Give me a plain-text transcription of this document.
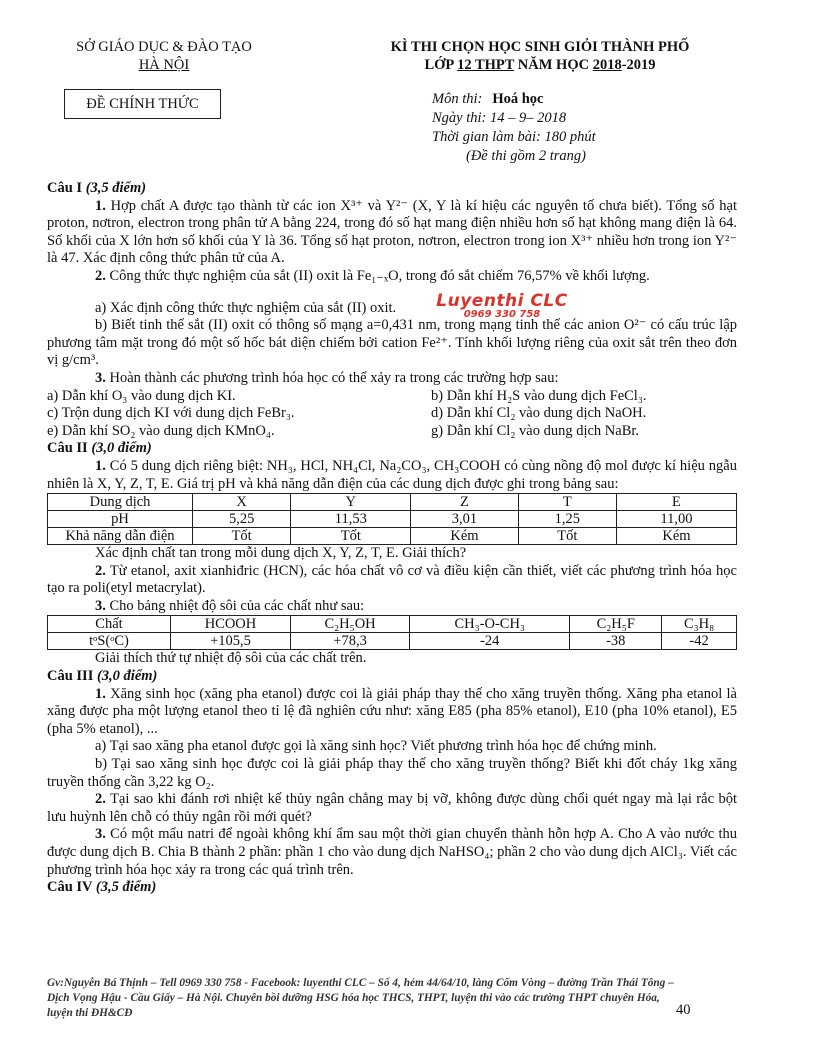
SỞ GIÁO DỤC & ĐÀO TẠO
HÀ NỘI
KÌ THI CHỌN HỌC SINH GIỎI THÀNH PHỐ
LỚP 12 THPT NĂM HỌC 2018-2019
ĐỀ CHÍNH THỨC	Môn thi: Hoá học
Ngày thi: 14 – 9– 2018
Thời gian làm bài: 180 phút
(Đề thi gồm 2 trang)
Luyenthi CLC
0969 330 758

Câu I (3,5 điểm)

1. Hợp chất A được tạo thành từ các ion X³⁺ và Y²⁻ (X, Y là kí hiệu các nguyên tố chưa biết). Tổng số hạt proton, nơtron, electron trong phân tử A bằng 224, trong đó số hạt mang điện nhiều hơn số hạt không mang điện là 64. Số khối của X lớn hơn số khối của Y là 36. Tổng số hạt proton, nơtron, electron trong ion X³⁺ nhiều hơn trong ion Y²⁻ là 47. Xác định công thức phân tử của A.

2. Công thức thực nghiệm của sắt (II) oxit là Fe₁₋ₓO, trong đó sắt chiếm 76,57% về khối lượng.

a) Xác định công thức thực nghiệm của sắt (II) oxit.

b) Biết tinh thể sắt (II) oxit có thông số mạng a=0,431 nm, trong mạng tinh thể các anion O²⁻ có cấu trúc lập phương tâm mặt trong đó một số hốc bát diện chiếm bởi cation Fe²⁺. Tính khối lượng riêng của oxit sắt trên theo đơn vị g/cm³.

3. Hoàn thành các phương trình hóa học có thể xảy ra trong các trường hợp sau:

a) Dẫn khí O₃ vào dung dịch KI.	b) Dẫn khí H₂S vào dung dịch FeCl₃.
c) Trộn dung dịch KI với dung dịch FeBr₃.	d) Dẫn khí Cl₂ vào dung dịch NaOH.
e) Dẫn khí SO₂ vào dung dịch KMnO₄.	g) Dẫn khí Cl₂ vào dung dịch NaBr.

Câu II (3,0 điểm)

1. Có 5 dung dịch riêng biệt: NH₃, HCl, NH₄Cl, Na₂CO₃, CH₃COOH có cùng nồng độ mol được kí hiệu ngẫu nhiên là X, Y, Z, T, E. Giá trị pH và khả năng dẫn điện của các dung dịch được ghi trong bảng sau:

Dung dịch	X	Y	Z	T	E
pH	5,25	11,53	3,01	1,25	11,00
Khả năng dẫn điện	Tốt	Tốt	Kém	Tốt	Kém

Xác định chất tan trong mỗi dung dịch X, Y, Z, T, E. Giải thích?

2. Từ etanol, axit xianhiđric (HCN), các hóa chất vô cơ và điều kiện cần thiết, viết các phương trình hóa học tạo ra poli(etyl metacrylat).

3. Cho bảng nhiệt độ sôi của các chất như sau:

Chất	HCOOH	C₂H₅OH	CH₃-O-CH₃	C₂H₅F	C₃H₈
tᵒS(ᵒC)	+105,5	+78,3	-24	-38	-42

Giải thích thứ tự nhiệt độ sôi của các chất trên.

Câu III (3,0 điểm)

1. Xăng sinh học (xăng pha etanol) được coi là giải pháp thay thế cho xăng truyền thống. Xăng pha etanol là xăng được pha một lượng etanol theo tỉ lệ đã nghiên cứu như: xăng E85 (pha 85% etanol), E10 (pha 10% etanol), E5 (pha 5% etanol), ...

a) Tại sao xăng pha etanol được gọi là xăng sinh học? Viết phương trình hóa học để chứng minh.

b) Tại sao xăng sinh học được coi là giải pháp thay thế cho xăng truyền thống? Biết khi đốt cháy 1kg xăng truyền thống cần 3,22 kg O₂.

2. Tại sao khi đánh rơi nhiệt kế thủy ngân chẳng may bị vỡ, không được dùng chổi quét ngay mà lại rắc bột lưu huỳnh lên chỗ có thủy ngân rồi mới quét?

3. Có một mẩu natri để ngoài không khí ẩm sau một thời gian chuyển thành hỗn hợp A. Cho A vào nước thu được dung dịch B. Chia B thành 2 phần: phần 1 cho vào dung dịch NaHSO₄; phần 2 cho vào dung dịch AlCl₃. Viết các phương trình hóa học xảy ra trong các quá trình trên.

Câu IV (3,5 điểm)

Gv:Nguyễn Bá Thịnh – Tell 0969 330 758 - Facebook: luyenthi CLC – Số 4, hẻm 44/64/10, làng Cốm Vòng – đường Trần Thái Tông – Dịch Vọng Hậu - Cầu Giấy – Hà Nội. Chuyên bồi dưỡng HSG hóa học THCS, THPT, luyện thi vào các trường THPT chuyên Hóa, luyện thi ĐH&CĐ	40
